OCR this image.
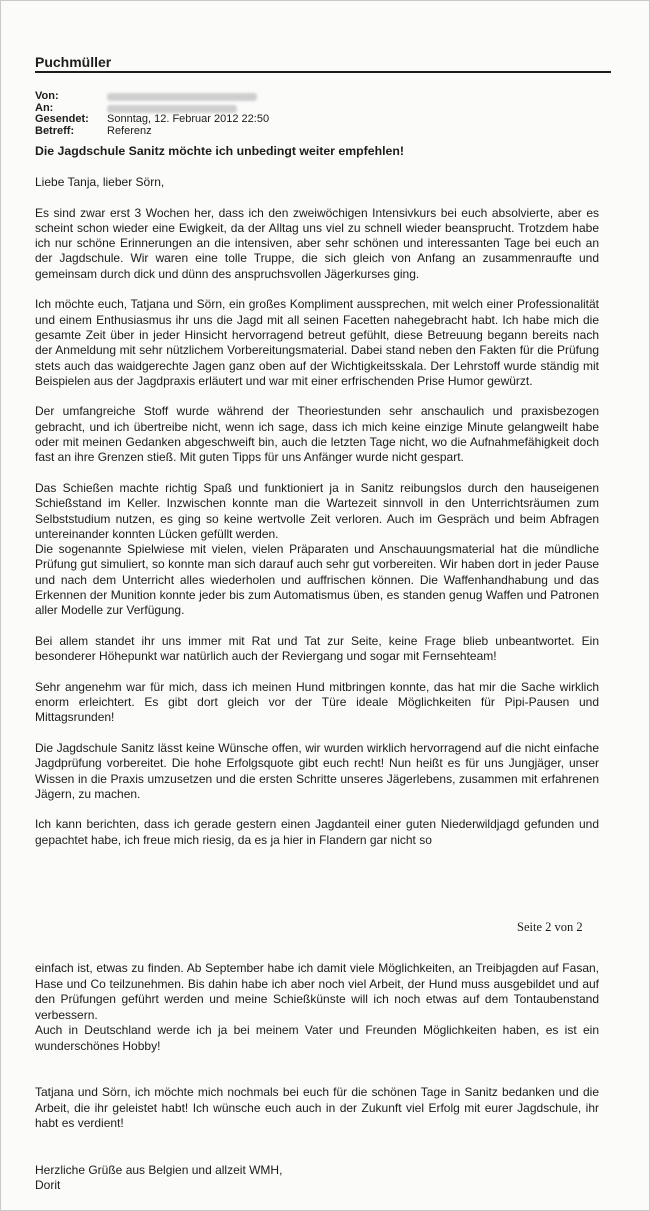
Puchmüller
Von:
An:
Gesendet:	Sonntag, 12. Februar 2012 22:50
Betreff:	Referenz
Die Jagdschule Sanitz möchte ich unbedingt weiter empfehlen!

Liebe Tanja, lieber Sörn,

Es sind zwar erst 3 Wochen her, dass ich den zweiwöchigen Intensivkurs bei euch absolvierte, aber es scheint schon wieder eine Ewigkeit, da der Alltag uns viel zu schnell wieder beansprucht. Trotzdem habe ich nur schöne Erinnerungen an die intensiven, aber sehr schönen und interessanten Tage bei euch an der Jagdschule. Wir waren eine tolle Truppe, die sich gleich von Anfang an zusammenraufte und gemeinsam durch dick und dünn des anspruchsvollen Jägerkurses ging.

Ich möchte euch, Tatjana und Sörn, ein großes Kompliment aussprechen, mit welch einer Professionalität und einem Enthusiasmus ihr uns die Jagd mit all seinen Facetten nahegebracht habt. Ich habe mich die gesamte Zeit über in jeder Hinsicht hervorragend betreut gefühlt, diese Betreuung begann bereits nach der Anmeldung mit sehr nützlichem Vorbereitungsmaterial. Dabei stand neben den Fakten für die Prüfung stets auch das waidgerechte Jagen ganz oben auf der Wichtigkeitsskala. Der Lehrstoff wurde ständig mit Beispielen aus der Jagdpraxis erläutert und war mit einer erfrischenden Prise Humor gewürzt.

Der umfangreiche Stoff wurde während der Theoriestunden sehr anschaulich und praxisbezogen gebracht, und ich übertreibe nicht, wenn ich sage, dass ich mich keine einzige Minute gelangweilt habe oder mit meinen Gedanken abgeschweift bin, auch die letzten Tage nicht, wo die Aufnahmefähigkeit doch fast an ihre Grenzen stieß. Mit guten Tipps für uns Anfänger wurde nicht gespart.

Das Schießen machte richtig Spaß und funktioniert ja in Sanitz reibungslos durch den hauseigenen Schießstand im Keller. Inzwischen konnte man die Wartezeit sinnvoll in den Unterrichtsräumen zum Selbststudium nutzen, es ging so keine wertvolle Zeit verloren. Auch im Gespräch und beim Abfragen untereinander konnten Lücken gefüllt werden.

Die sogenannte Spielwiese mit vielen, vielen Präparaten und Anschauungsmaterial hat die mündliche Prüfung gut simuliert, so konnte man sich darauf auch sehr gut vorbereiten. Wir haben dort in jeder Pause und nach dem Unterricht alles wiederholen und auffrischen können. Die Waffenhandhabung und das Erkennen der Munition konnte jeder bis zum Automatismus üben, es standen genug Waffen und Patronen aller Modelle zur Verfügung.

Bei allem standet ihr uns immer mit Rat und Tat zur Seite, keine Frage blieb unbeantwortet. Ein besonderer Höhepunkt war natürlich auch der Reviergang und sogar mit Fernsehteam!

Sehr angenehm war für mich, dass ich meinen Hund mitbringen konnte, das hat mir die Sache wirklich enorm erleichtert. Es gibt dort gleich vor der Türe ideale Möglichkeiten für Pipi-Pausen und Mittagsrunden!

Die Jagdschule Sanitz lässt keine Wünsche offen, wir wurden wirklich hervorragend auf die nicht einfache Jagdprüfung vorbereitet. Die hohe Erfolgsquote gibt euch recht! Nun heißt es für uns Jungjäger, unser Wissen in die Praxis umzusetzen und die ersten Schritte unseres Jägerlebens, zusammen mit erfahrenen Jägern, zu machen.

Ich kann berichten, dass ich gerade gestern einen Jagdanteil einer guten Niederwildjagd gefunden und gepachtet habe, ich freue mich riesig, da es ja hier in Flandern gar nicht so

Seite 2 von 2

einfach ist, etwas zu finden. Ab September habe ich damit viele Möglichkeiten, an Treibjagden auf Fasan, Hase und Co teilzunehmen. Bis dahin habe ich aber noch viel Arbeit, der Hund muss ausgebildet und auf den Prüfungen geführt werden und meine Schießkünste will ich noch etwas auf dem Tontaubenstand verbessern.

Auch in Deutschland werde ich ja bei meinem Vater und Freunden Möglichkeiten haben, es ist ein wunderschönes Hobby!

Tatjana und Sörn, ich möchte mich nochmals bei euch für die schönen Tage in Sanitz bedanken und die Arbeit, die ihr geleistet habt! Ich wünsche euch auch in der Zukunft viel Erfolg mit eurer Jagdschule, ihr habt es verdient!

Herzliche Grüße aus Belgien und allzeit WMH,
Dorit
